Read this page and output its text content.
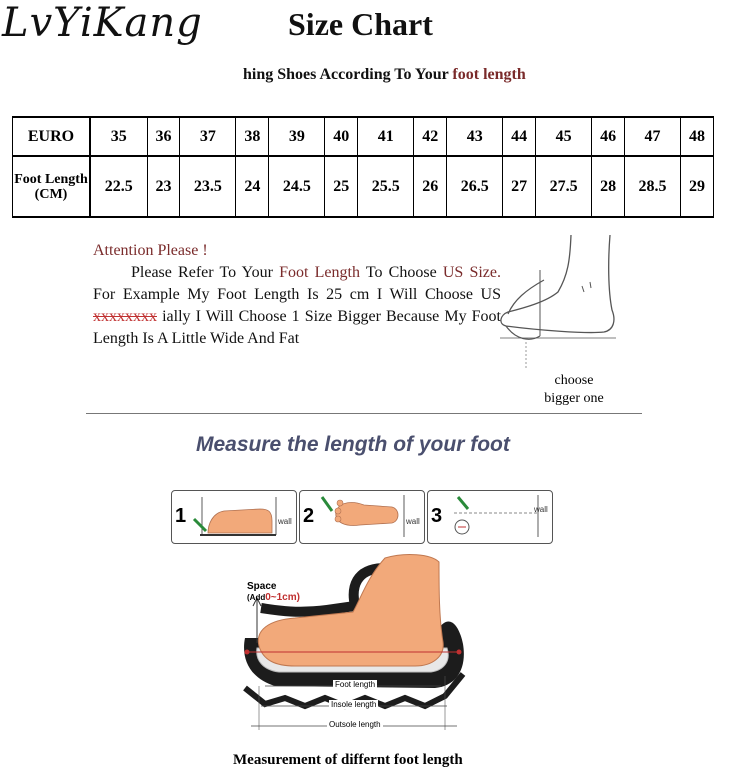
LvYiKang	Size Chart
hing Shoes According To Your foot length
EURO	35	36	37	38	39	40	41	42	43	44	45	46	47	48
Foot Length (CM)	22.5	23	23.5	24	24.5	25	25.5	26	26.5	27	27.5	28	28.5	29

Attention Please !

Please Refer To Your Foot Length To Choose US Size. For Example My Foot Length Is 25 cm I Will Choose US xxxxxxxx ially I Will Choose 1 Size Bigger Because My Foot Length Is A Little Wide And Fat

choose
bigger one
Measure the length of your foot
1	wall 2	wall 3	wall
Space
(Add0~1cm)
Foot length
Insole length
Outsole length
Measurement of differnt foot length
